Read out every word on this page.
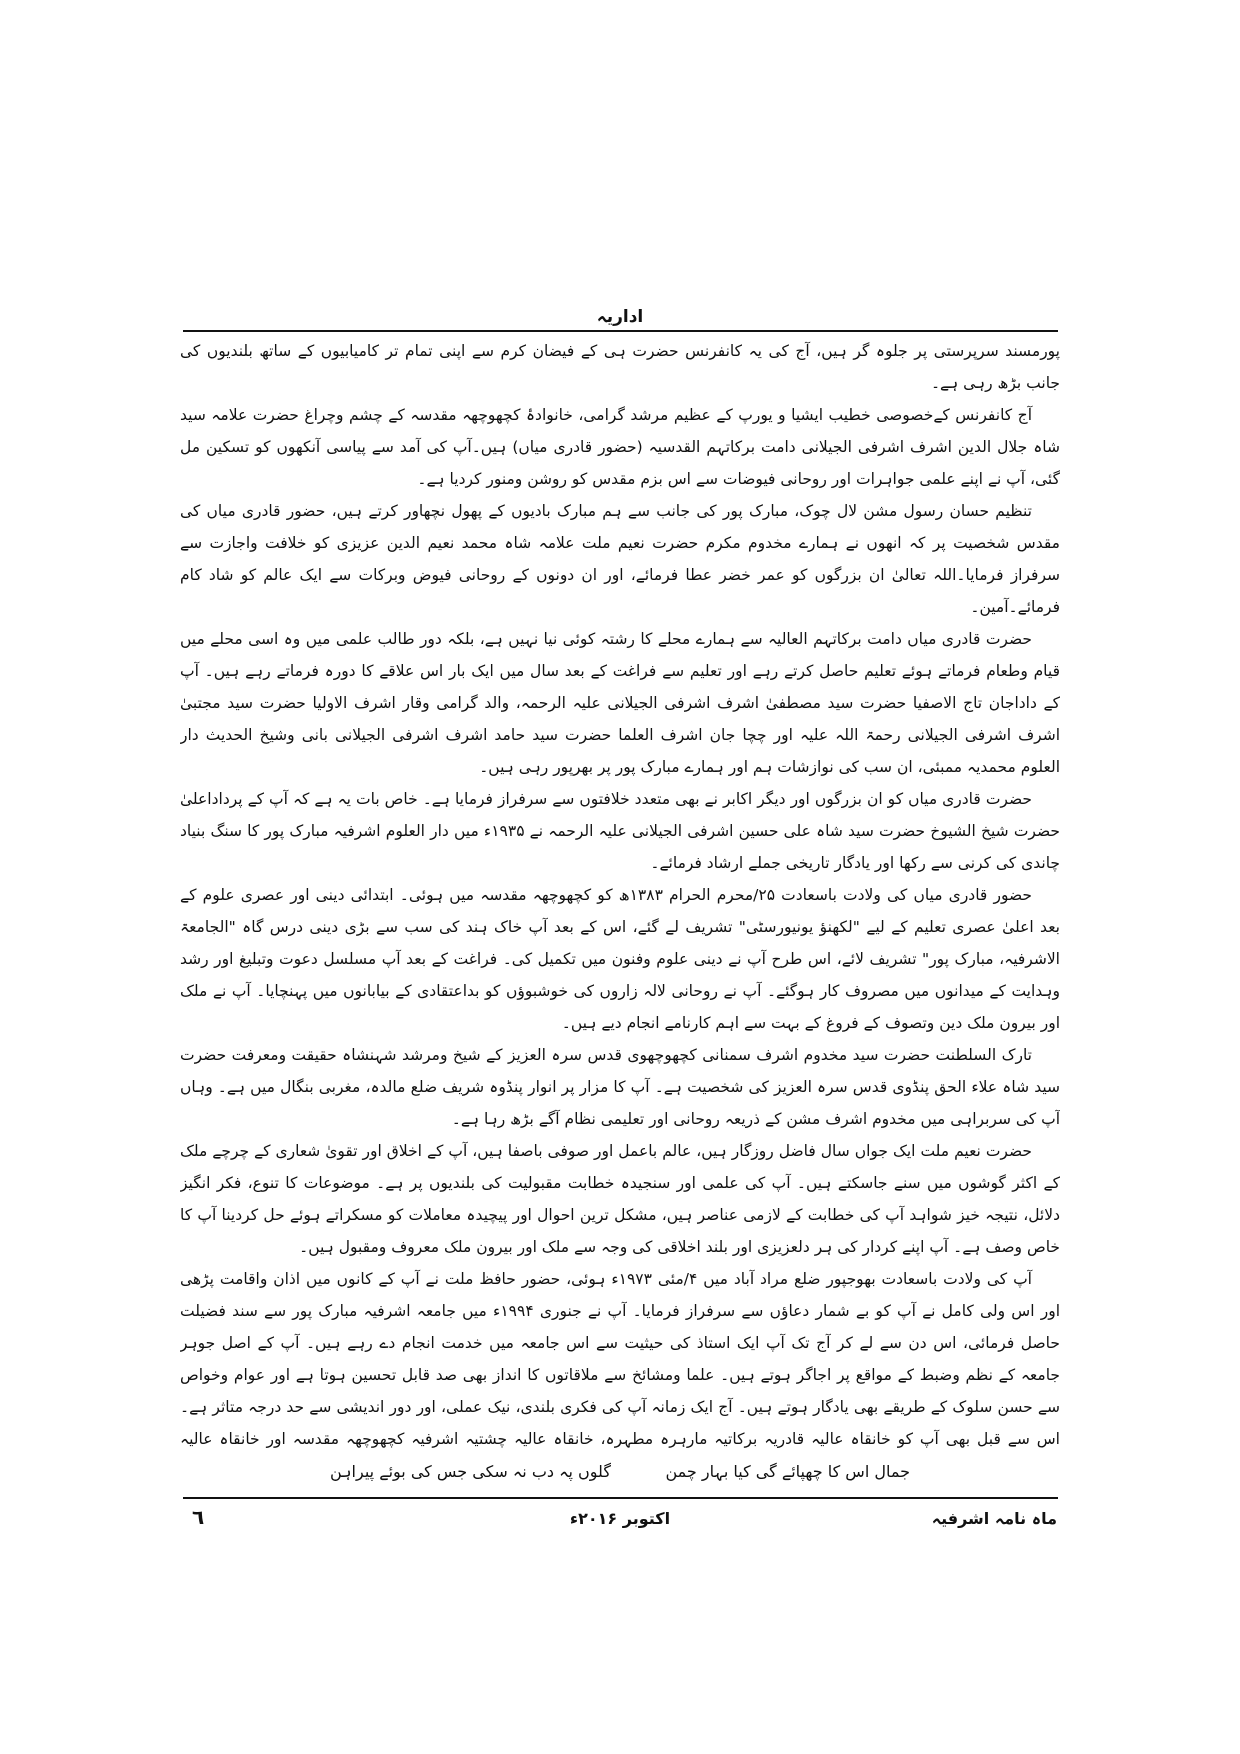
اداریہ

پورمسند سرپرستی پر جلوہ گر ہیں، آج کی یہ کانفرنس حضرت ہی کے فیضان کرم سے اپنی تمام تر کامیابیوں کے ساتھ بلندیوں کی جانب بڑھ رہی ہے۔

آج کانفرنس کےخصوصی خطیب ایشیا و یورپ کے عظیم مرشد گرامی، خانوادۂ کچھوچھہ مقدسہ کے چشم وچراغ حضرت علامہ سید شاہ جلال الدین اشرف اشرفی الجیلانی دامت برکاتہم القدسیہ (حضور قادری میاں) ہیں۔آپ کی آمد سے پیاسی آنکھوں کو تسکین مل گئی، آپ نے اپنے علمی جواہرات اور روحانی فیوضات سے اس بزم مقدس کو روشن ومنور کردیا ہے۔

تنظیم حسان رسول مشن لال چوک، مبارک پور کی جانب سے ہم مبارک بادیوں کے پھول نچھاور کرتے ہیں، حضور قادری میاں کی مقدس شخصیت پر کہ انھوں نے ہمارے مخدوم مکرم حضرت نعیم ملت علامہ شاہ محمد نعیم الدین عزیزی کو خلافت واجازت سے سرفراز فرمایا۔اللہ تعالیٰ ان بزرگوں کو عمر خضر عطا فرمائے، اور ان دونوں کے روحانی فیوض وبرکات سے ایک عالم کو شاد کام فرمائے۔آمین۔

حضرت قادری میاں دامت برکاتہم العالیہ سے ہمارے محلے کا رشتہ کوئی نیا نہیں ہے، بلکہ دور طالب علمی میں وہ اسی محلے میں قیام وطعام فرماتے ہوئے تعلیم حاصل کرتے رہے اور تعلیم سے فراغت کے بعد سال میں ایک بار اس علاقے کا دورہ فرماتے رہے ہیں۔ آپ کے داداجان تاج الاصفیا حضرت سید مصطفیٰ اشرف اشرفی الجیلانی علیہ الرحمہ، والد گرامی وقار اشرف الاولیا حضرت سید مجتبیٰ اشرف اشرفی الجیلانی رحمۃ اللہ علیہ اور چچا جان اشرف العلما حضرت سید حامد اشرف اشرفی الجیلانی بانی وشیخ الحدیث دار العلوم محمدیہ ممبئی، ان سب کی نوازشات ہم اور ہمارے مبارک پور پر بھرپور رہی ہیں۔

حضرت قادری میاں کو ان بزرگوں اور دیگر اکابر نے بھی متعدد خلافتوں سے سرفراز فرمایا ہے۔ خاص بات یہ ہے کہ آپ کے پرداداعلیٰ حضرت شیخ الشیوخ حضرت سید شاہ علی حسین اشرفی الجیلانی علیہ الرحمہ نے ۱۹۳۵ء میں دار العلوم اشرفیہ مبارک پور کا سنگ بنیاد چاندی کی کرنی سے رکھا اور یادگار تاریخی جملے ارشاد فرمائے۔

حضور قادری میاں کی ولادت باسعادت ۲۵/محرم الحرام ۱۳۸۳ھ کو کچھوچھہ مقدسہ میں ہوئی۔ ابتدائی دینی اور عصری علوم کے بعد اعلیٰ عصری تعلیم کے لیے "لکھنؤ یونیورسٹی" تشریف لے گئے، اس کے بعد آپ خاک ہند کی سب سے بڑی دینی درس گاہ "الجامعۃ الاشرفیہ، مبارک پور" تشریف لائے، اس طرح آپ نے دینی علوم وفنون میں تکمیل کی۔ فراغت کے بعد آپ مسلسل دعوت وتبلیغ اور رشد وہدایت کے میدانوں میں مصروف کار ہوگئے۔ آپ نے روحانی لالہ زاروں کی خوشبوؤں کو بداعتقادی کے بیابانوں میں پہنچایا۔ آپ نے ملک اور بیرون ملک دین وتصوف کے فروغ کے بہت سے اہم کارنامے انجام دیے ہیں۔

تارک السلطنت حضرت سید مخدوم اشرف سمنانی کچھوچھوی قدس سرہ العزیز کے شیخ ومرشد شہنشاہ حقیقت ومعرفت حضرت سید شاہ علاء الحق پنڈوی قدس سرہ العزیز کی شخصیت ہے۔ آپ کا مزار پر انوار پنڈوہ شریف ضلع مالدہ، مغربی بنگال میں ہے۔ وہاں آپ کی سربراہی میں مخدوم اشرف مشن کے ذریعہ روحانی اور تعلیمی نظام آگے بڑھ رہا ہے۔

حضرت نعیم ملت ایک جواں سال فاضل روزگار ہیں، عالم باعمل اور صوفی باصفا ہیں، آپ کے اخلاق اور تقویٰ شعاری کے چرچے ملک کے اکثر گوشوں میں سنے جاسکتے ہیں۔ آپ کی علمی اور سنجیدہ خطابت مقبولیت کی بلندیوں پر ہے۔ موضوعات کا تنوع، فکر انگیز دلائل، نتیجہ خیز شواہد آپ کی خطابت کے لازمی عناصر ہیں، مشکل ترین احوال اور پیچیدہ معاملات کو مسکراتے ہوئے حل کردینا آپ کا خاص وصف ہے۔ آپ اپنے کردار کی ہر دلعزیزی اور بلند اخلاقی کی وجہ سے ملک اور بیرون ملک معروف ومقبول ہیں۔

آپ کی ولادت باسعادت بھوجپور ضلع مراد آباد میں ۴/مئی ۱۹۷۳ء ہوئی، حضور حافظ ملت نے آپ کے کانوں میں اذان واقامت پڑھی اور اس ولی کامل نے آپ کو بے شمار دعاؤں سے سرفراز فرمایا۔ آپ نے جنوری ۱۹۹۴ء میں جامعہ اشرفیہ مبارک پور سے سند فضیلت حاصل فرمائی، اس دن سے لے کر آج تک آپ ایک استاذ کی حیثیت سے اس جامعہ میں خدمت انجام دے رہے ہیں۔ آپ کے اصل جوہر جامعہ کے نظم وضبط کے مواقع پر اجاگر ہوتے ہیں۔ علما ومشائخ سے ملاقاتوں کا انداز بھی صد قابل تحسین ہوتا ہے اور عوام وخواص سے حسن سلوک کے طریقے بھی یادگار ہوتے ہیں۔ آج ایک زمانہ آپ کی فکری بلندی، نیک عملی، اور دور اندیشی سے حد درجہ متاثر ہے۔ اس سے قبل بھی آپ کو خانقاہ عالیہ قادریہ برکاتیہ مارہرہ مطہرہ، خانقاہ عالیہ چشتیہ اشرفیہ کچھوچھہ مقدسہ اور خانقاہ عالیہ

جمال اس کا چھپائے گی کیا بہار چمن
گلوں پہ دب نہ سکی جس کی بوئے پیراہن
ماہ نامہ اشرفیہ
اکتوبر ۲۰۱۶ء
٦
